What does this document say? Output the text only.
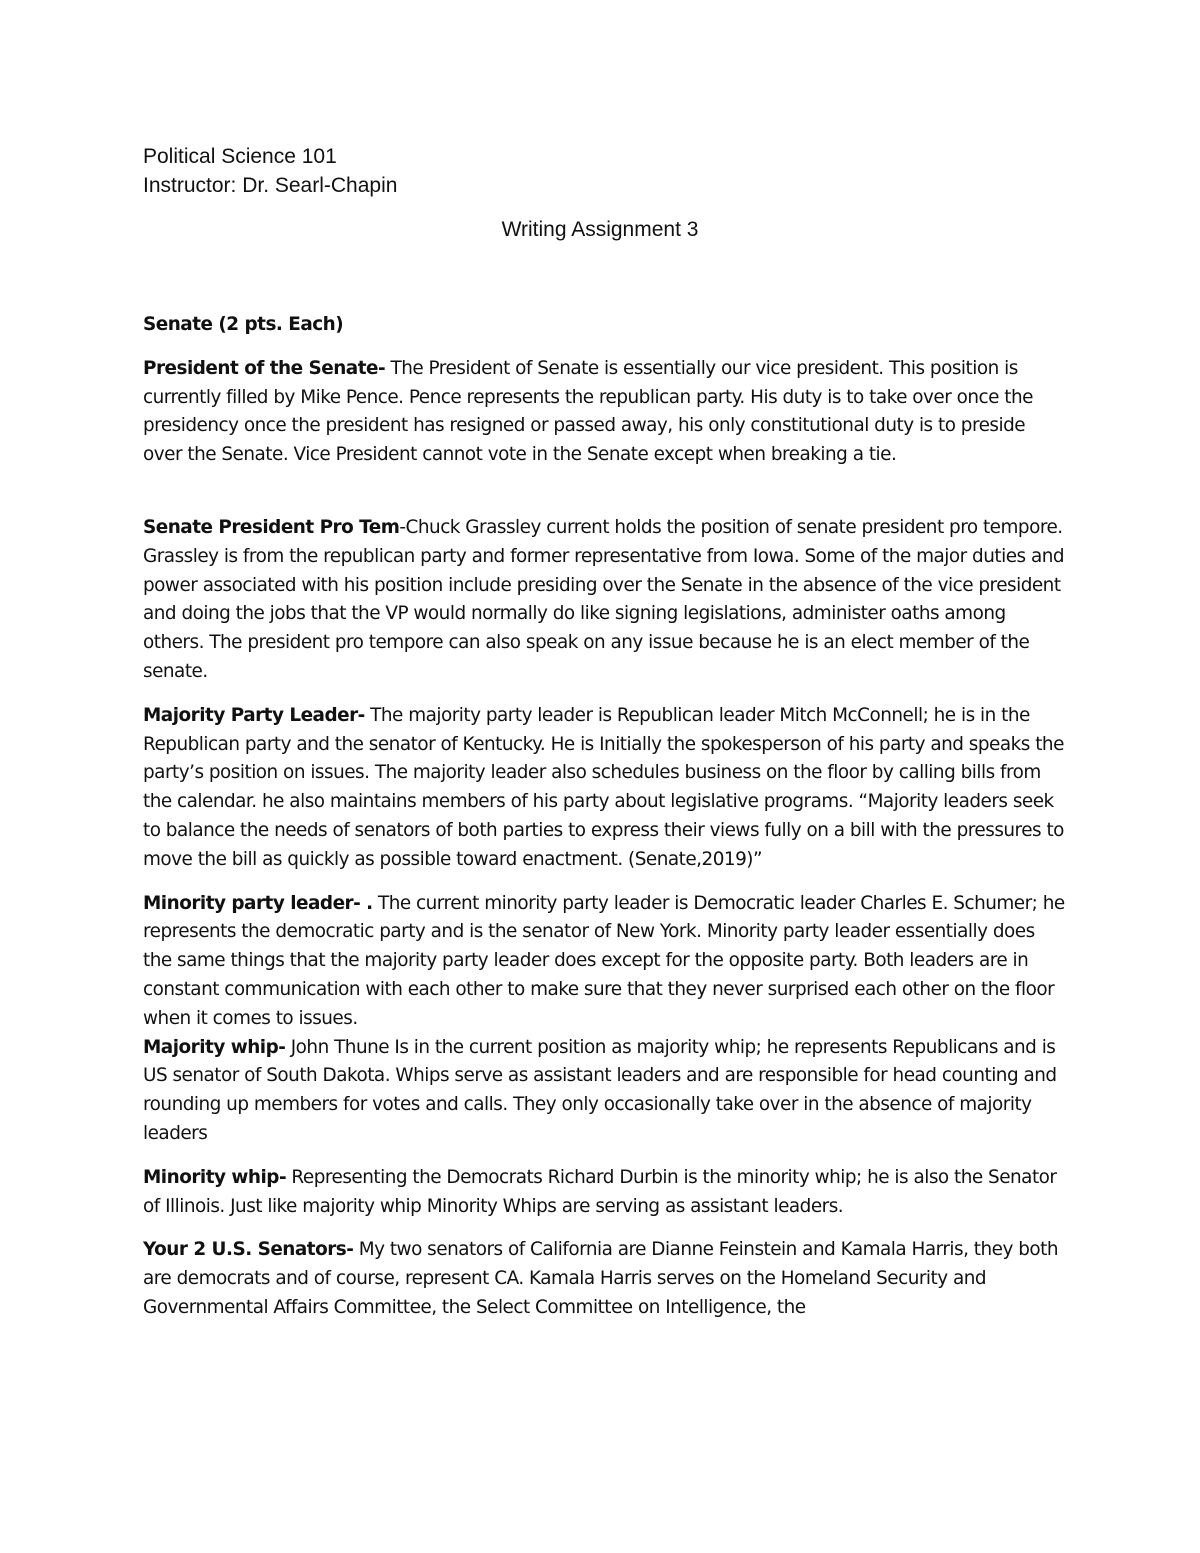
Political Science 101
Instructor: Dr. Searl-Chapin
Writing Assignment 3

Senate (2 pts. Each)

President of the Senate- The President of Senate is essentially our vice president. This position is currently filled by Mike Pence. Pence represents the republican party. His duty is to take over once the presidency once the president has resigned or passed away, his only constitutional duty is to preside over the Senate. Vice President cannot vote in the Senate except when breaking a tie.

Senate President Pro Tem-Chuck Grassley current holds the position of senate president pro tempore. Grassley is from the republican party and former representative from Iowa. Some of the major duties and power associated with his position include presiding over the Senate in the absence of the vice president and doing the jobs that the VP would normally do like signing legislations, administer oaths among others. The president pro tempore can also speak on any issue because he is an elect member of the senate.

Majority Party Leader- The majority party leader is Republican leader Mitch McConnell; he is in the Republican party and the senator of Kentucky. He is Initially the spokesperson of his party and speaks the party’s position on issues. The majority leader also schedules business on the floor by calling bills from the calendar. he also maintains members of his party about legislative programs. “Majority leaders seek to balance the needs of senators of both parties to express their views fully on a bill with the pressures to move the bill as quickly as possible toward enactment. (Senate,2019)”

Minority party leader- . The current minority party leader is Democratic leader Charles E. Schumer; he represents the democratic party and is the senator of New York. Minority party leader essentially does the same things that the majority party leader does except for the opposite party. Both leaders are in constant communication with each other to make sure that they never surprised each other on the floor when it comes to issues.

Majority whip- John Thune Is in the current position as majority whip; he represents Republicans and is US senator of South Dakota. Whips serve as assistant leaders and are responsible for head counting and rounding up members for votes and calls. They only occasionally take over in the absence of majority leaders

Minority whip- Representing the Democrats Richard Durbin is the minority whip; he is also the Senator of Illinois. Just like majority whip Minority Whips are serving as assistant leaders.

Your 2 U.S. Senators- My two senators of California are Dianne Feinstein and Kamala Harris, they both are democrats and of course, represent CA. Kamala Harris serves on the Homeland Security and Governmental Affairs Committee, the Select Committee on Intelligence, the
